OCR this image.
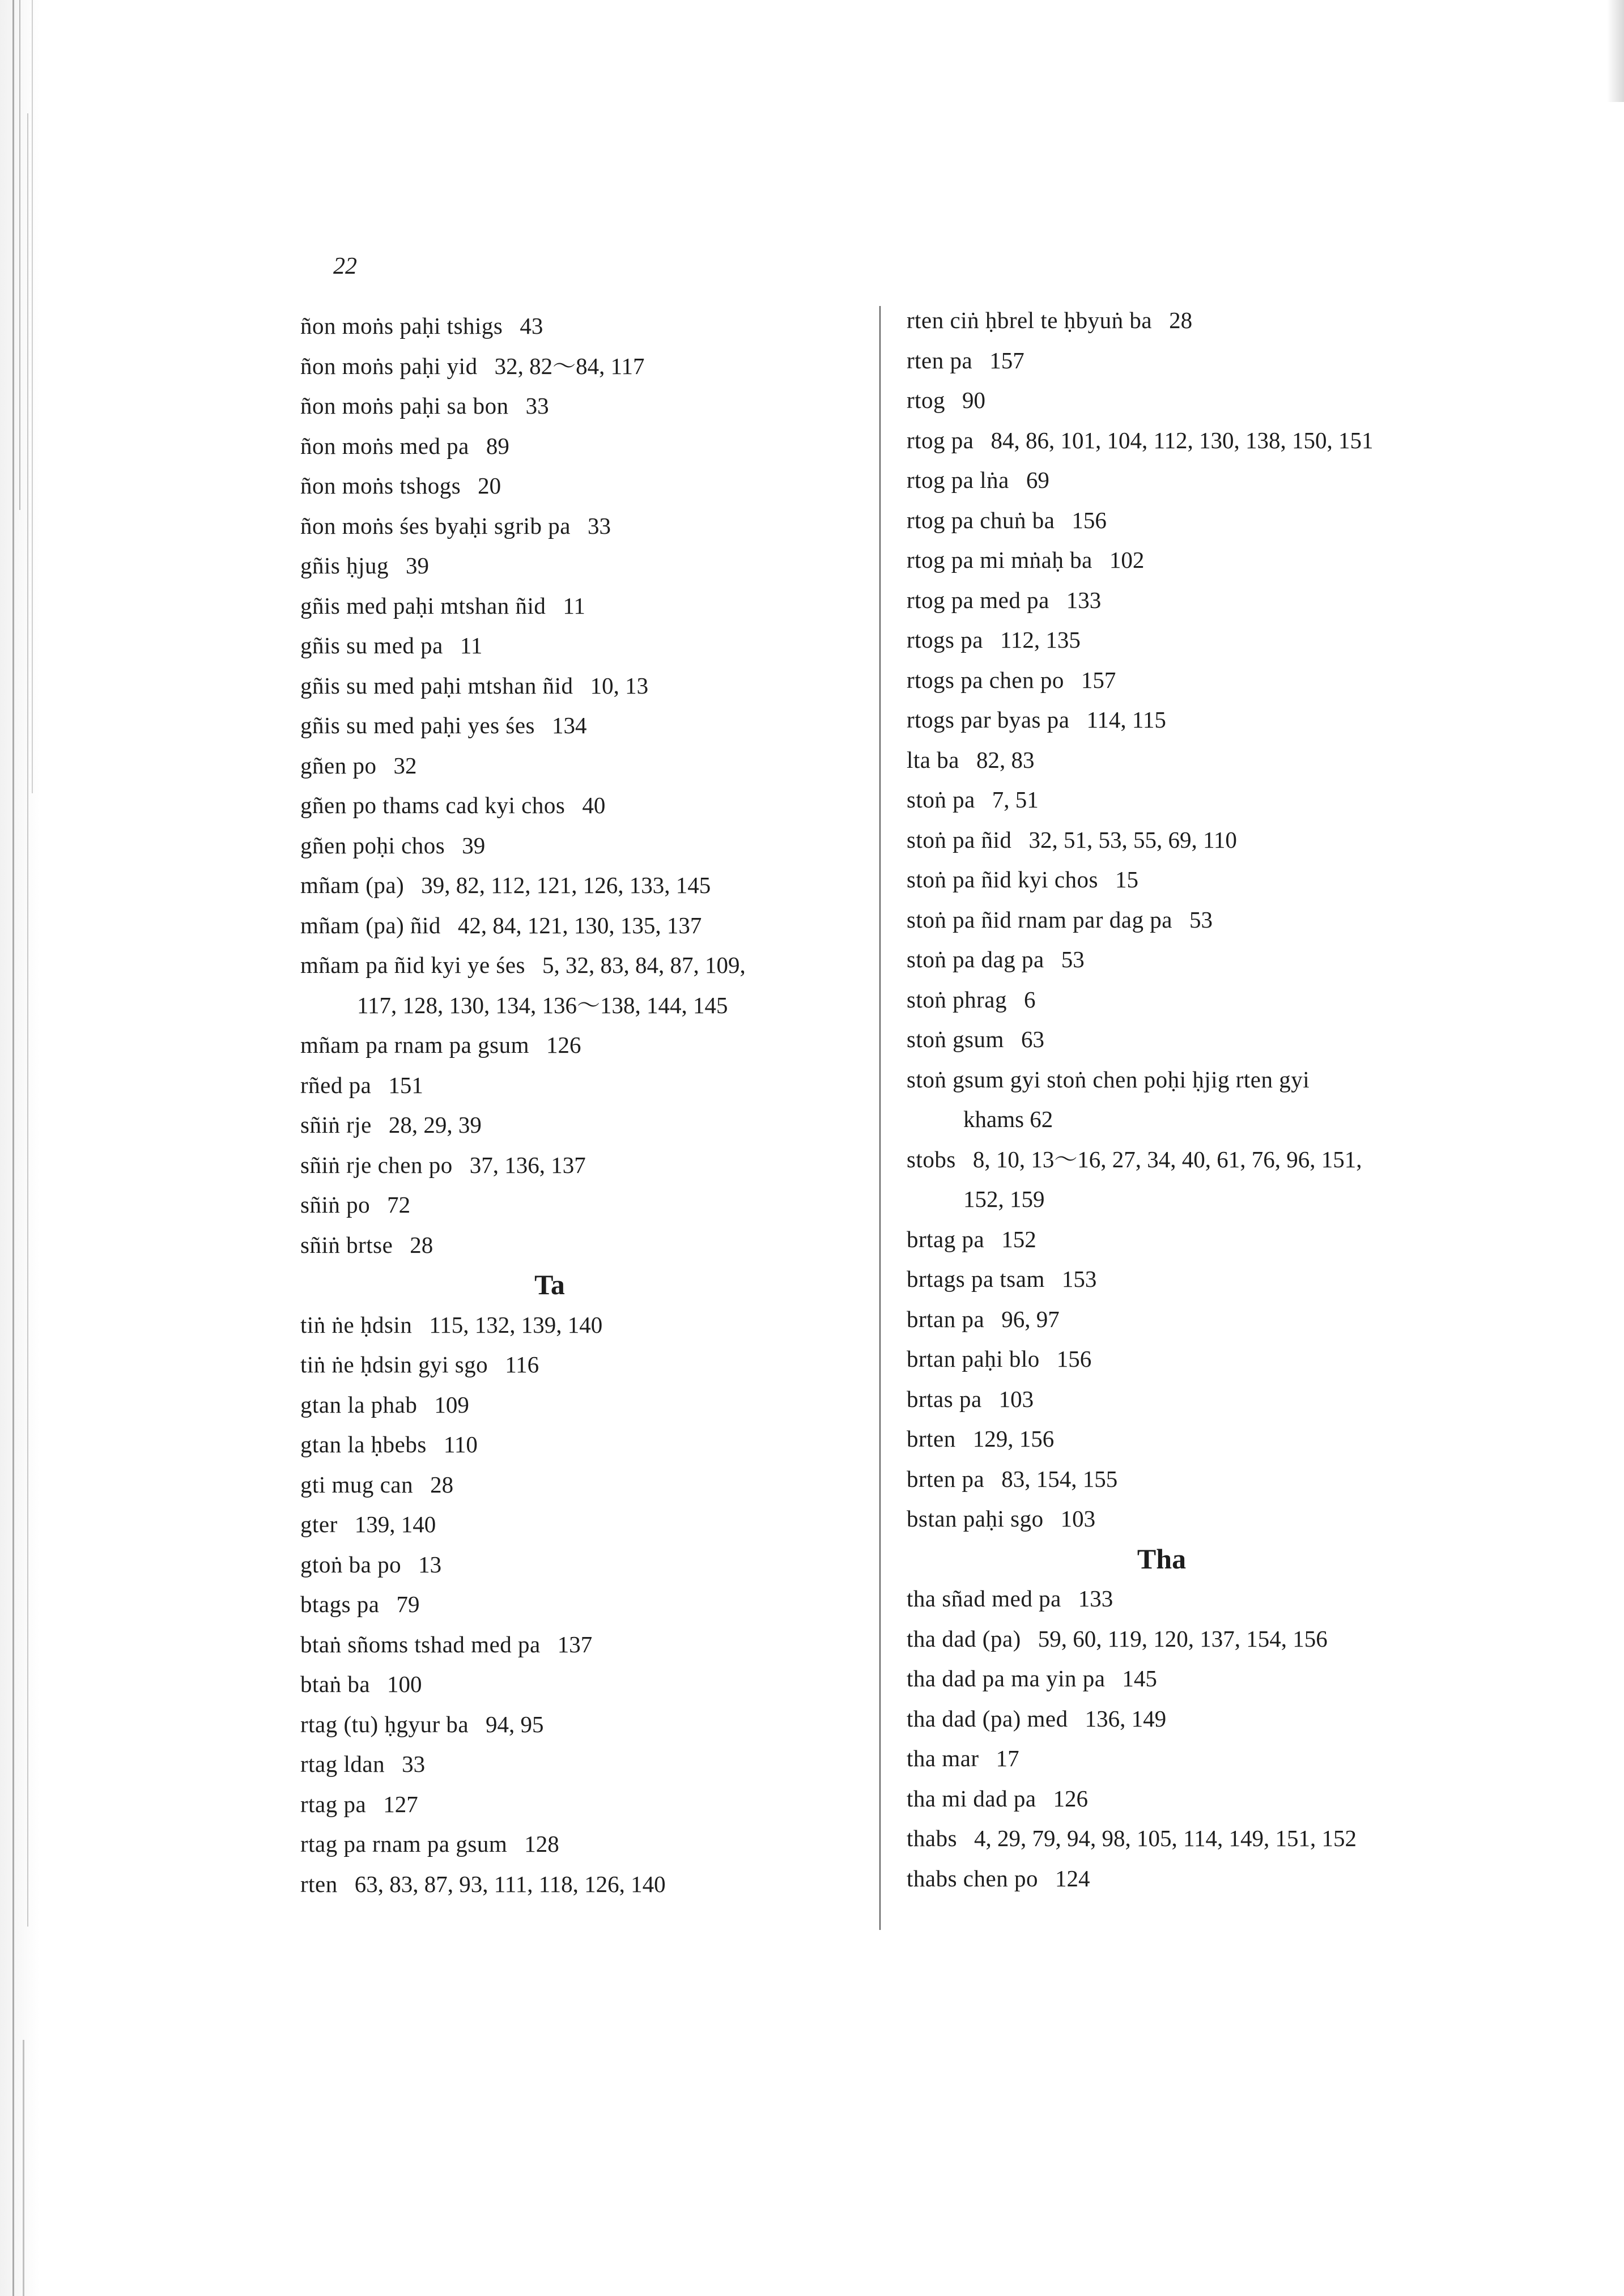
22
ñon moṅs paḥi tshigs 43
ñon moṅs paḥi yid 32, 82〜84, 117
ñon moṅs paḥi sa bon 33
ñon moṅs med pa 89
ñon moṅs tshogs 20
ñon moṅs śes byaḥi sgrib pa 33
gñis ḥjug 39
gñis med paḥi mtshan ñid 11
gñis su med pa 11
gñis su med paḥi mtshan ñid 10, 13
gñis su med paḥi yes śes 134
gñen po 32
gñen po thams cad kyi chos 40
gñen poḥi chos 39
mñam (pa) 39, 82, 112, 121, 126, 133, 145
mñam (pa) ñid 42, 84, 121, 130, 135, 137
mñam pa ñid kyi ye śes 5, 32, 83, 84, 87, 109,
117, 128, 130, 134, 136〜138, 144, 145
mñam pa rnam pa gsum 126
rñed pa 151
sñiṅ rje 28, 29, 39
sñiṅ rje chen po 37, 136, 137
sñiṅ po 72
sñiṅ brtse 28
Ta
tiṅ ṅe ḥdsin 115, 132, 139, 140
tiṅ ṅe ḥdsin gyi sgo 116
gtan la phab 109
gtan la ḥbebs 110
gti mug can 28
gter 139, 140
gtoṅ ba po 13
btags pa 79
btaṅ sñoms tshad med pa 137
btaṅ ba 100
rtag (tu) ḥgyur ba 94, 95
rtag ldan 33
rtag pa 127
rtag pa rnam pa gsum 128
rten 63, 83, 87, 93, 111, 118, 126, 140
rten ciṅ ḥbrel te ḥbyuṅ ba 28
rten pa 157
rtog 90
rtog pa 84, 86, 101, 104, 112, 130, 138, 150, 151
rtog pa lṅa 69
rtog pa chuṅ ba 156
rtog pa mi mṅaḥ ba 102
rtog pa med pa 133
rtogs pa 112, 135
rtogs pa chen po 157
rtogs par byas pa 114, 115
lta ba 82, 83
stoṅ pa 7, 51
stoṅ pa ñid 32, 51, 53, 55, 69, 110
stoṅ pa ñid kyi chos 15
stoṅ pa ñid rnam par dag pa 53
stoṅ pa dag pa 53
stoṅ phrag 6
stoṅ gsum 63
stoṅ gsum gyi stoṅ chen poḥi ḥjig rten gyi
khams 62
stobs 8, 10, 13〜16, 27, 34, 40, 61, 76, 96, 151,
152, 159
brtag pa 152
brtags pa tsam 153
brtan pa 96, 97
brtan paḥi blo 156
brtas pa 103
brten 129, 156
brten pa 83, 154, 155
bstan paḥi sgo 103
Tha
tha sñad med pa 133
tha dad (pa) 59, 60, 119, 120, 137, 154, 156
tha dad pa ma yin pa 145
tha dad (pa) med 136, 149
tha mar 17
tha mi dad pa 126
thabs 4, 29, 79, 94, 98, 105, 114, 149, 151, 152
thabs chen po 124
